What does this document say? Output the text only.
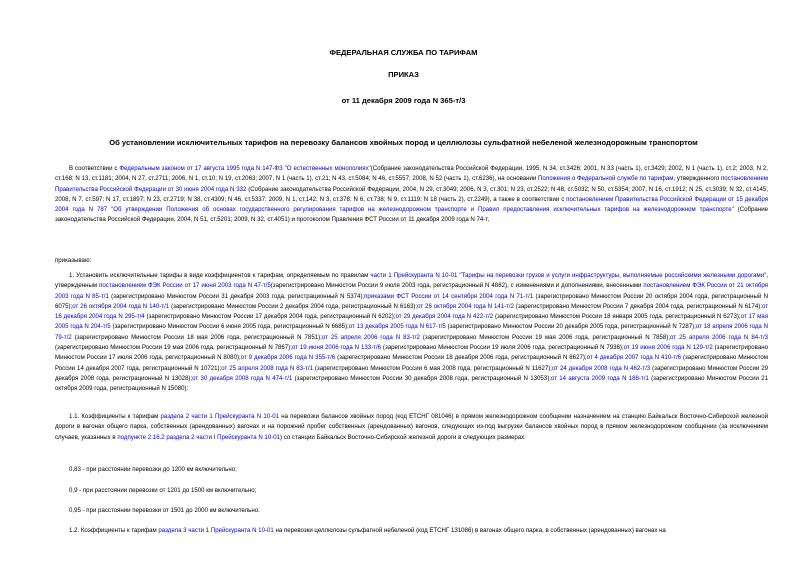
ФЕДЕРАЛЬНАЯ СЛУЖБА ПО ТАРИФАМ
ПРИКАЗ
от 11 декабря 2009 года N 365-т/3
Об установлении исключительных тарифов на перевозку балансов хвойных пород и целлюлозы сульфатной небеленой железнодорожным транспортом
В соответствии с Федеральным законом от 17 августа 1995 года N 147-ФЗ "О естественных монополиях"(Собрание законодательства Российской Федерации, 1995, N 34, ст.3426; 2001, N 33 (часть 1), ст.3429; 2002, N 1 (часть 1), ст.2; 2003, N 2, ст.168; N 13, ст.1181; 2004, N 27, ст.2711; 2006, N 1, ст.10; N 19, ст.2063; 2007, N 1 (часть 1), ст.21; N 43, ст.5084; N 46, ст.5557; 2008, N 52 (часть 1), ст.6236), на основании Положения о Федеральной службе по тарифам, утвержденного постановлением Правительства Российской Федерации от 30 июня 2004 года N 332 (Собрание законодательства Российской Федерации, 2004, N 29, ст.3049; 2006, N 3, ст.301; N 23, ст.2522; N 48, ст.5032; N 50, ст.5354; 2007, N 16, ст.1912; N 25, ст.3039; N 32, ст.4145; 2008, N 7, ст.597; N 17, ст.1897; N 23, ст.2719; N 38, ст.4309; N 46, ст.5337; 2009, N 1, ст.142; N 3, ст.378; N 6, ст.738; N 9, ст.1119; N 18 (часть 2), ст.2249), а также в соответствии с постановлением Правительства Российской Федерации от 15 декабря 2004 года N 787 "Об утверждении Положения об основах государственного регулирования тарифов на железнодорожном транспорте и Правил предоставления исключительных тарифов на железнодорожном транспорте" (Собрание законодательства Российской Федерации, 2004, N 51, ст.5201; 2009, N 32, ст.4051) и протоколом Правления ФСТ России от 11 декабря 2009 года N 74-т,
приказываю:
1. Установить исключительные тарифы в виде коэффициентов к тарифам, определяемым по правилам части 1 Прейскуранта N 10-01 "Тарифы на перевозки грузов и услуги инфраструктуры, выполняемые российскими железными дорогами", утвержденным постановлением ФЭК России от 17 июня 2003 года N 47-т/5(зарегистрировано Минюстом России 9 июля 2003 года, регистрационный N 4882), с изменениями и дополнениями, внесенными постановлением ФЭК России от 21 октября 2003 года N 85-т/1 (зарегистрировано Минюстом России 31 декабря 2003 года, регистрационный N 5374);приказами ФСТ России от 14 сентября 2004 года N 71-т/1 (зарегистрировано Минюстом России 20 октября 2004 года, регистрационный N 6075);от 26 октября 2004 года N 140-т/1 (зарегистрировано Минюстом России 2 декабря 2004 года, регистрационный N 6163);от 26 октября 2004 года N 141-т/2 (зарегистрировано Минюстом России 7 декабря 2004 года, регистрационный N 6174);от 16 декабря 2004 года N 295-т/4 (зарегистрировано Минюстом России 17 декабря 2004 года, регистрационный N 6202);от 29 декабря 2004 года N 422-т/2 (зарегистрировано Минюстом России 18 января 2005 года, регистрационный N 6273);от 17 мая 2005 года N 204-т/5 (зарегистрировано Минюстом России 6 июня 2005 года, регистрационный N 6685);от 13 декабря 2005 года N 617-т/5 (зарегистрировано Минюстом России 20 декабря 2005 года, регистрационный N 7287);от 18 апреля 2006 года N 79-т/2 (зарегистрировано Минюстом России 18 мая 2006 года, регистрационный N 7851);от 25 апреля 2006 года N 83-т/2 (зарегистрировано Минюстом России 19 мая 2006 года, регистрационный N 7858);от 25 апреля 2006 года N 84-т/3 (зарегистрировано Минюстом России 19 мая 2006 года, регистрационный N 7867);от 19 июня 2006 года N 133-т/6 (зарегистрировано Минюстом России 19 июля 2006 года, регистрационный N 7936);от 19 июня 2006 года N 129-т/2 (зарегистрировано Минюстом России 17 июля 2006 года, регистрационный N 8080);от 9 декабря 2006 года N 355-т/6 (зарегистрировано Минюстом России 18 декабря 2006 года, регистрационный N 8627);от 4 декабря 2007 года N 410-т/6 (зарегистрировано Минюстом России 14 декабря 2007 года, регистрационный N 10721);от 25 апреля 2008 года N 83-т/1 (зарегистрировано Минюстом России 6 мая 2008 года, регистрационный N 11627);от 24 декабря 2008 года N 462-т/3 (зарегистрировано Минюстом России 29 декабря 2008 года, регистрационный N 13028);от 30 декабря 2008 года N 474-т/1 (зарегистрировано Минюстом России 30 декабря 2008 года, регистрационный N 13053);от 14 августа 2009 года N 188-т/1 (зарегистрировано Минюстом России 21 октября 2009 года, регистрационный N 15080):
1.1. Коэффициенты к тарифам раздела 2 части 1 Прейскуранта N 10-01 на перевозки балансов хвойных пород (код ЕТСНГ 081046) в прямом железнодорожном сообщении назначением на станцию Байкальск Восточно-Сибирской железной дороги в вагонах общего парка, собственных (арендованных) вагонах и на порожний пробег собственных (арендованных) вагонов, следующих из-под выгрузки балансов хвойных пород в прямом железнодорожном сообщении (за исключением случаев, указанных в подпункте 2.16.2 раздела 2 части I Прейскуранта N 10-01) со станции Байкальск Восточно-Сибирской железной дороги в следующих размерах:
0,83 - при расстоянии перевозки до 1200 км включительно;
0,9 - при расстоянии перевозки от 1201 до 1500 км включительно;
0,95 - при расстоянии перевозки от 1501 до 2000 км включительно.
1.2. Коэффициенты к тарифам раздела 3 части 1 Прейскуранта N 10-01 на перевозки целлюлозы сульфатной небеленой (код ЕТСНГ 131086) в вагонах общего парка, в собственных (арендованных) вагонах на
